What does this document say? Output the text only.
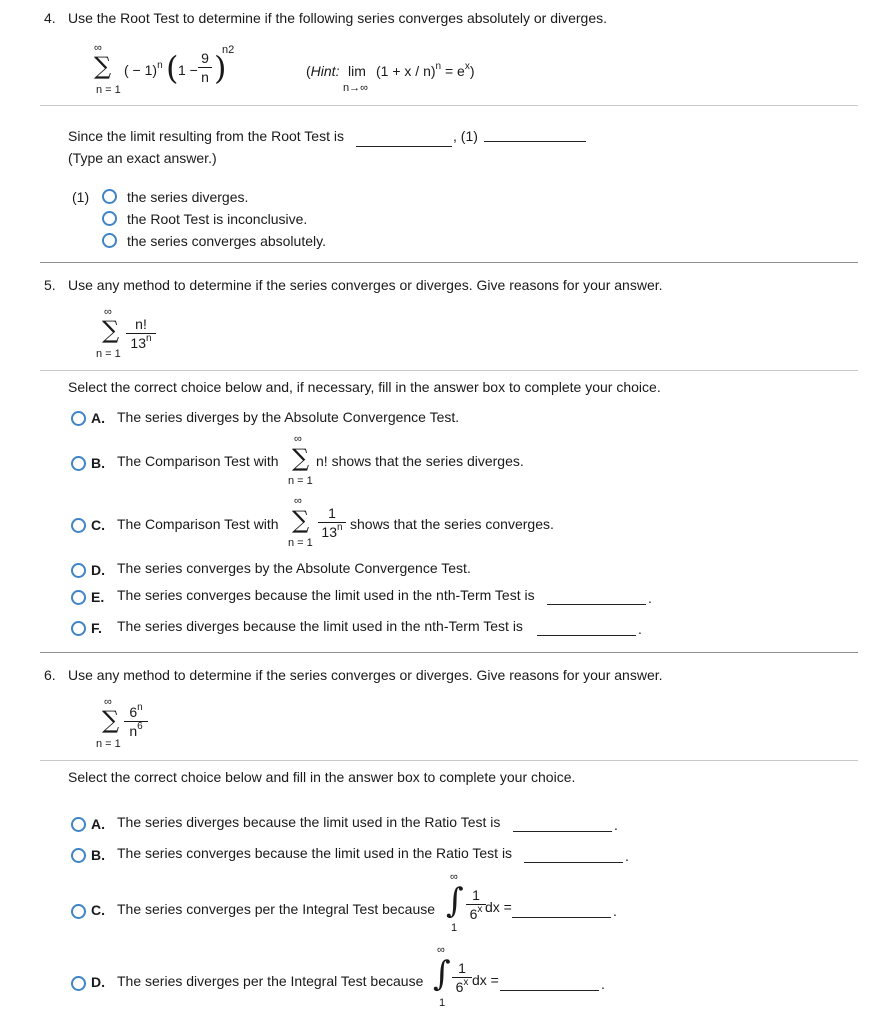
4. Use the Root Test to determine if the following series converges absolutely or diverges.
∞
∑
n = 1
( − 1)$^n$ ( 1 −
9
n )
n2
(Hint: $\lim (1 + x / n)^n = e^x$)
n→∞
Since the limit resulting from the Root Test is	, (1)
(Type an exact answer.)
(1)	the series diverges.
the Root Test is inconclusive.
the series converges absolutely.
5. Use any method to determine if the series converges or diverges. Give reasons for your answer.
∞
∑
n = 1
n!
13$^n$
Select the correct choice below and, if necessary, fill in the answer box to complete your choice.
A. The series diverges by the Absolute Convergence Test.
B. The Comparison Test with
∞
∑
n = 1
n! shows that the series diverges.
C. The Comparison Test with
∞
∑
n = 1
1
13$^n$ shows that the series converges.
D. The series converges by the Absolute Convergence Test.
E. The series converges because the limit used in the nth-Term Test is	.
F. The series diverges because the limit used in the nth-Term Test is	.
6. Use any method to determine if the series converges or diverges. Give reasons for your answer.
∞
∑
n = 1
6$^n$
$n^6$
Select the correct choice below and fill in the answer box to complete your choice.
A. The series diverges because the limit used in the Ratio Test is	.
B. The series converges because the limit used in the Ratio Test is	.
C. The series converges per the Integral Test because
∞
∫
1
1
6$^x$ dx =	.
D. The series diverges per the Integral Test because
∞
∫
1
1
6$^x$ dx =	.
